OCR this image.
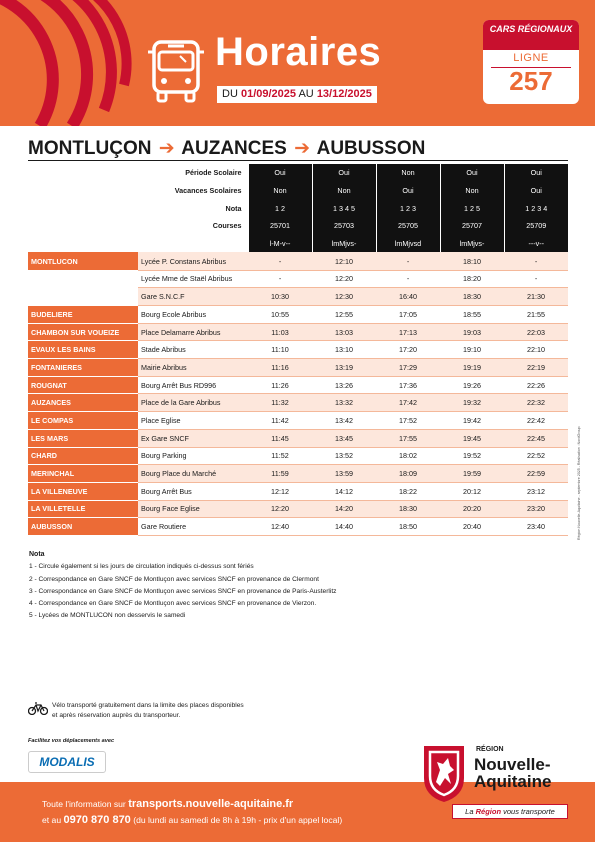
Horaires
DU 01/09/2025 AU 13/12/2025
CARS RÉGIONAUX
LIGNE
257
MONTLUÇON ➔ AUZANCES ➔ AUBUSSON
Période Scolaire		Oui	Oui	Non	Oui	Oui
Vacances Scolaires		Non	Non	Oui	Non	Oui
Nota		1 2	1 3 4 5	1 2 3	1 2 5	1 2 3 4
Courses		25701	25703	25705	25707	25709
		l-M-v--	lmMjvs-	lmMjvsd	lmMjvs-	---v--
MONTLUCON	Lycée P. Constans Abribus	-	12:10	-	18:10	-
	Lycée Mme de Staël Abribus	-	12:20	-	18:20	-
	Gare S.N.C.F	10:30	12:30	16:40	18:30	21:30
BUDELIERE	Bourg Ecole Abribus	10:55	12:55	17:05	18:55	21:55
CHAMBON SUR VOUEIZE	Place Delamarre Abribus	11:03	13:03	17:13	19:03	22:03
EVAUX LES BAINS	Stade Abribus	11:10	13:10	17:20	19:10	22:10
FONTANIERES	Mairie Abribus	11:16	13:19	17:29	19:19	22:19
ROUGNAT	Bourg Arrêt Bus RD996	11:26	13:26	17:36	19:26	22:26
AUZANCES	Place de la Gare Abribus	11:32	13:32	17:42	19:32	22:32
LE COMPAS	Place Eglise	11:42	13:42	17:52	19:42	22:42
LES MARS	Ex Gare SNCF	11:45	13:45	17:55	19:45	22:45
CHARD	Bourg Parking	11:52	13:52	18:02	19:52	22:52
MERINCHAL	Bourg Place du Marché	11:59	13:59	18:09	19:59	22:59
LA VILLENEUVE	Bourg Arrêt Bus	12:12	14:12	18:22	20:12	23:12
LA VILLETELLE	Bourg Face Eglise	12:20	14:20	18:30	20:20	23:20
AUBUSSON	Gare Routiere	12:40	14:40	18:50	20:40	23:40
Nota
1 - Circule également si les jours de circulation indiqués ci-dessus sont fériés
2 - Correspondance en Gare SNCF de Montluçon avec services SNCF en provenance de Clermont
3 - Correspondance en Gare SNCF de Montluçon avec services SNCF en provenance de Paris-Austerlitz
4 - Correspondance en Gare SNCF de Montluçon avec services SNCF en provenance de Vierzon.
5 - Lycées de MONTLUCON non desservis le samedi
Vélo transporté gratuitement dans la limite des places disponibles
et après réservation auprès du transporteur.
Facilitez vos déplacements avec
MODALIS
Toute l'information sur transports.nouvelle-aquitaine.fr
et au 0970 870 870 (du lundi au samedi de 8h à 19h - prix d'un appel local)
RÉGION
Nouvelle-
Aquitaine
La Région vous transporte
Région Nouvelle-Aquitaine - septembre 2025 - Réalisation : NordGroup
